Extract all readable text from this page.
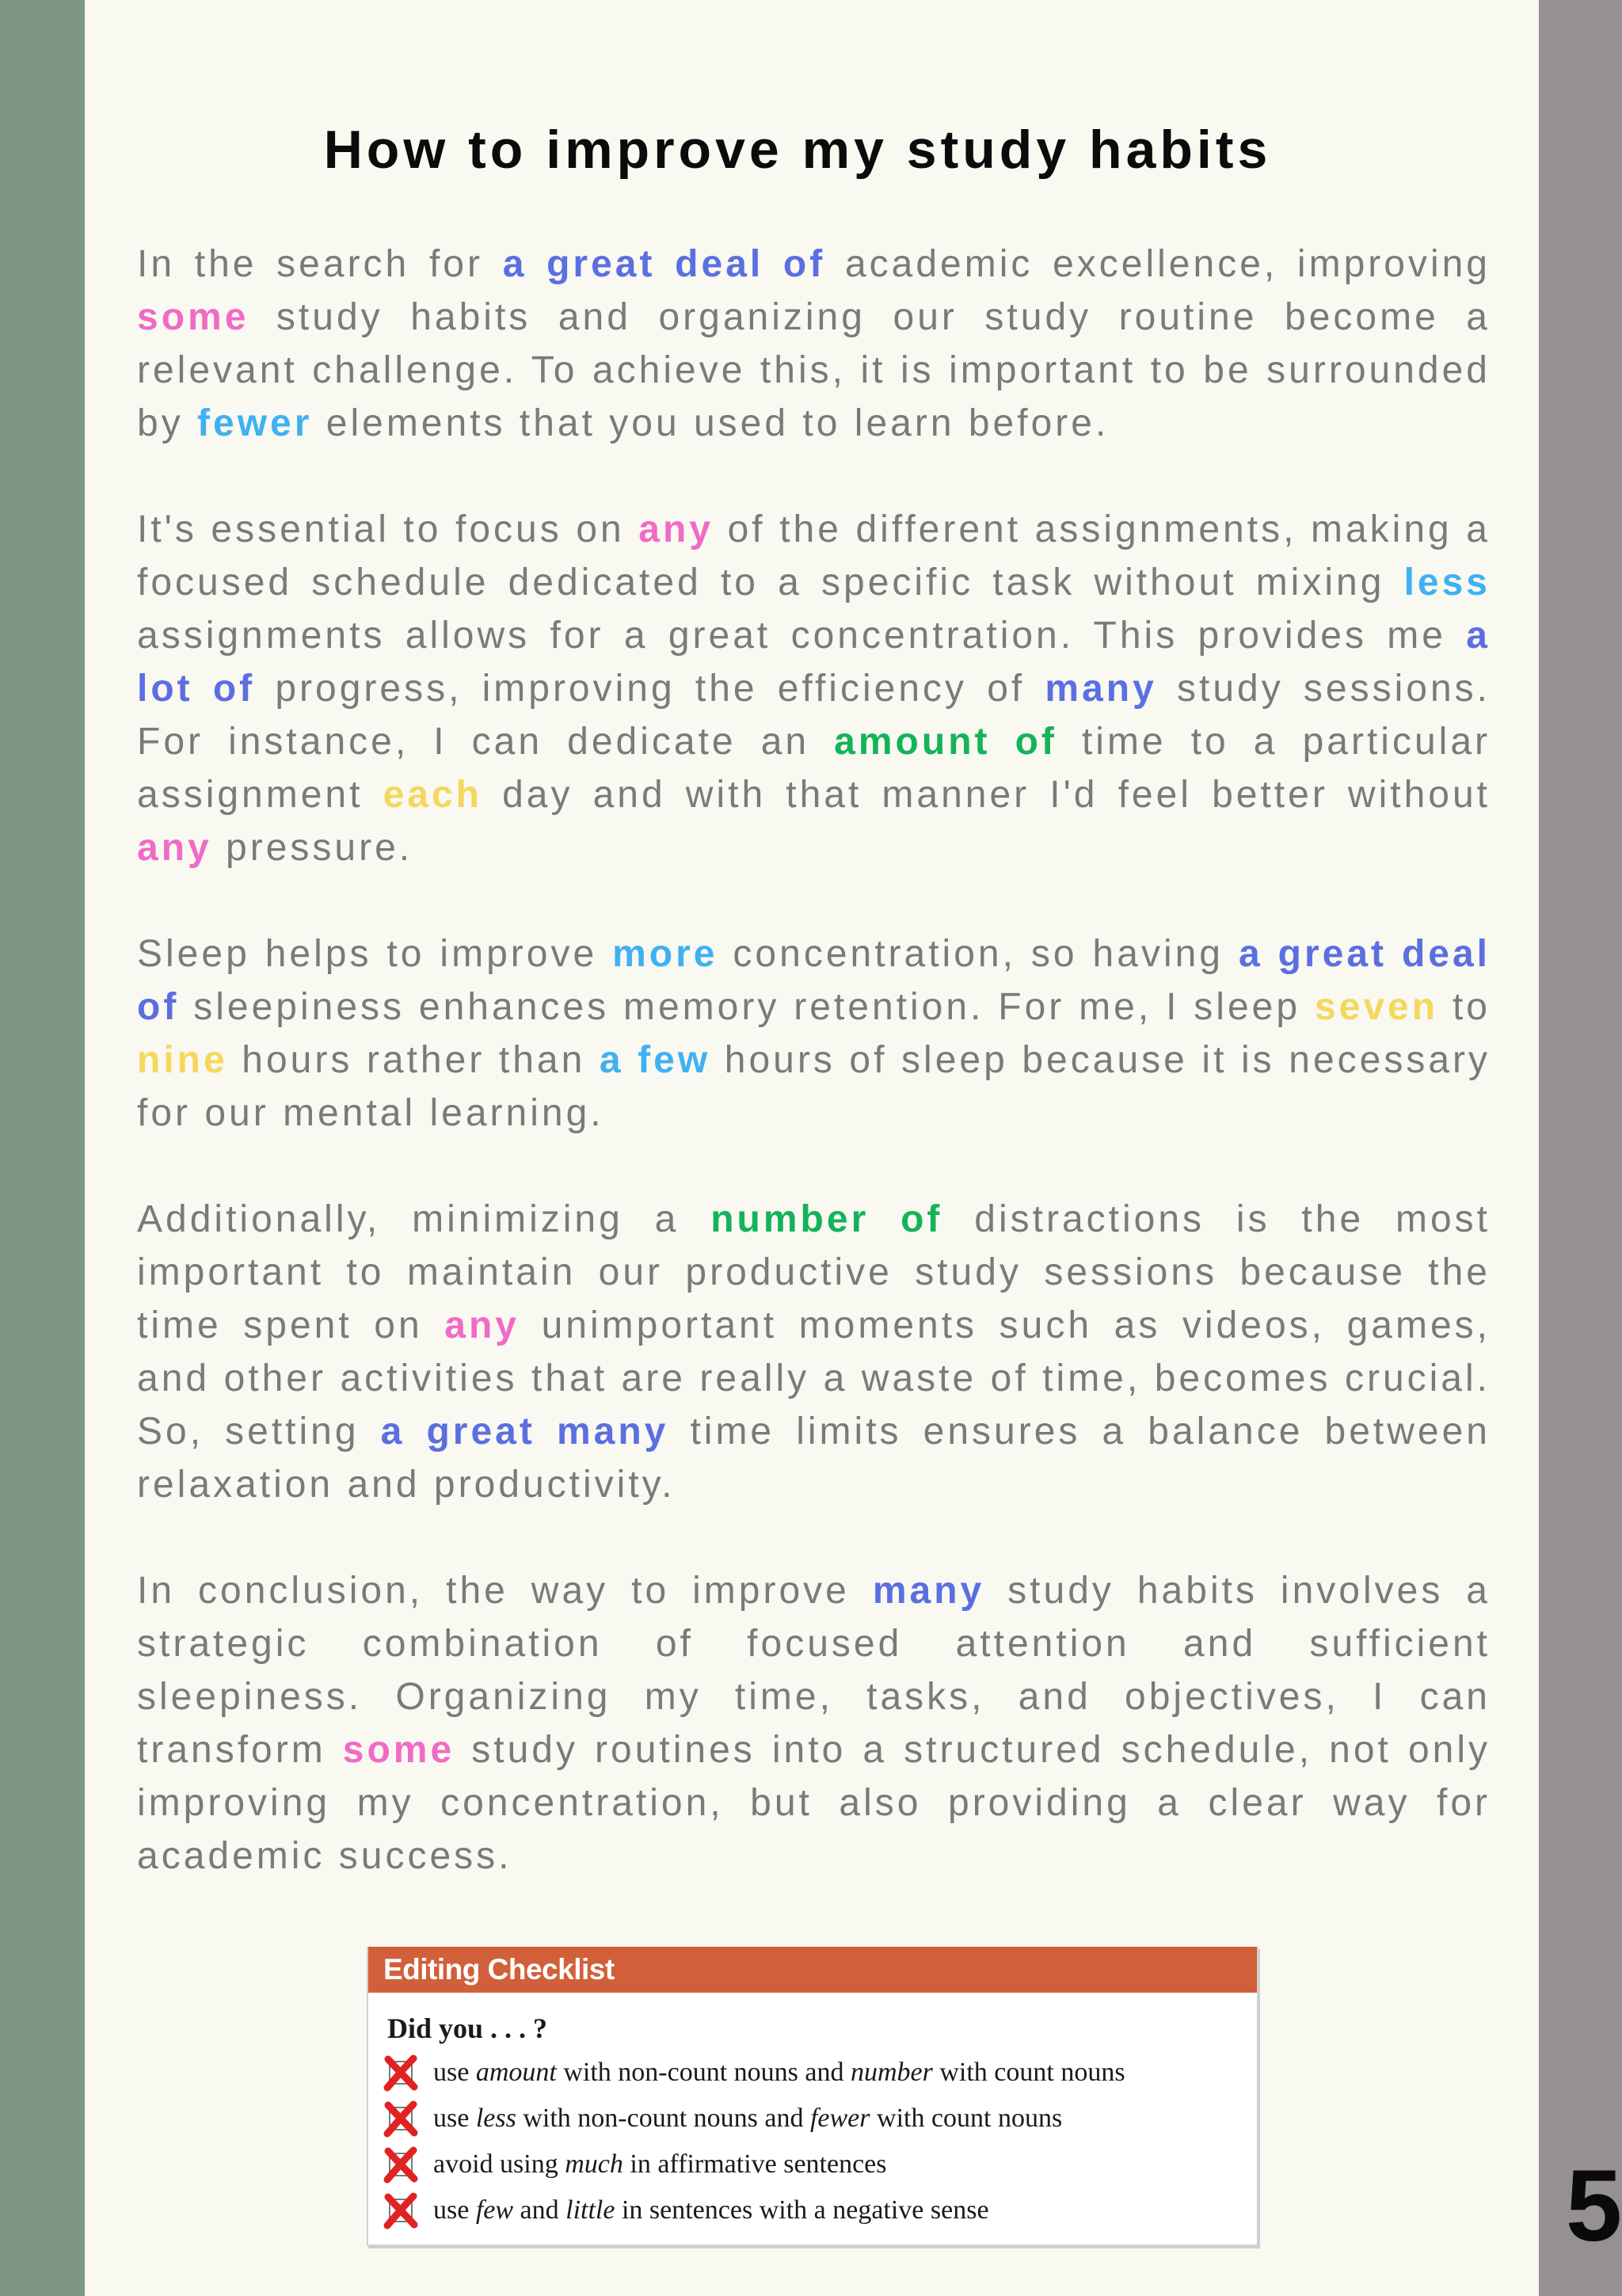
How to improve my study habits

In the search for a great deal of academic excellence, improving some study habits and organizing our study routine become a relevant challenge. To achieve this, it is important to be surrounded by fewer elements that you used to learn before.

It's essential to focus on any of the different assignments, making a focused schedule dedicated to a specific task without mixing less assignments allows for a great concentration. This provides me a lot of progress, improving the efficiency of many study sessions. For instance, I can dedicate an amount of time to a particular assignment each day and with that manner I'd feel better without any pressure.

Sleep helps to improve more concentration, so having a great deal of sleepiness enhances memory retention. For me, I sleep seven to nine hours rather than a few hours of sleep because it is necessary for our mental learning.

Additionally, minimizing a number of distractions is the most important to maintain our productive study sessions because the time spent on any unimportant moments such as videos, games, and other activities that are really a waste of time, becomes crucial. So, setting a great many time limits ensures a balance between relaxation and productivity.

In conclusion, the way to improve many study habits involves a strategic combination of focused attention and sufficient sleepiness. Organizing my time, tasks, and objectives, I can transform some study routines into a structured schedule, not only improving my concentration, but also providing a clear way for academic success.

Editing Checklist
Did you . . . ?
use amount with non-count nouns and number with count nouns
use less with non-count nouns and fewer with count nouns
avoid using much in affirmative sentences
use few and little in sentences with a negative sense	5
